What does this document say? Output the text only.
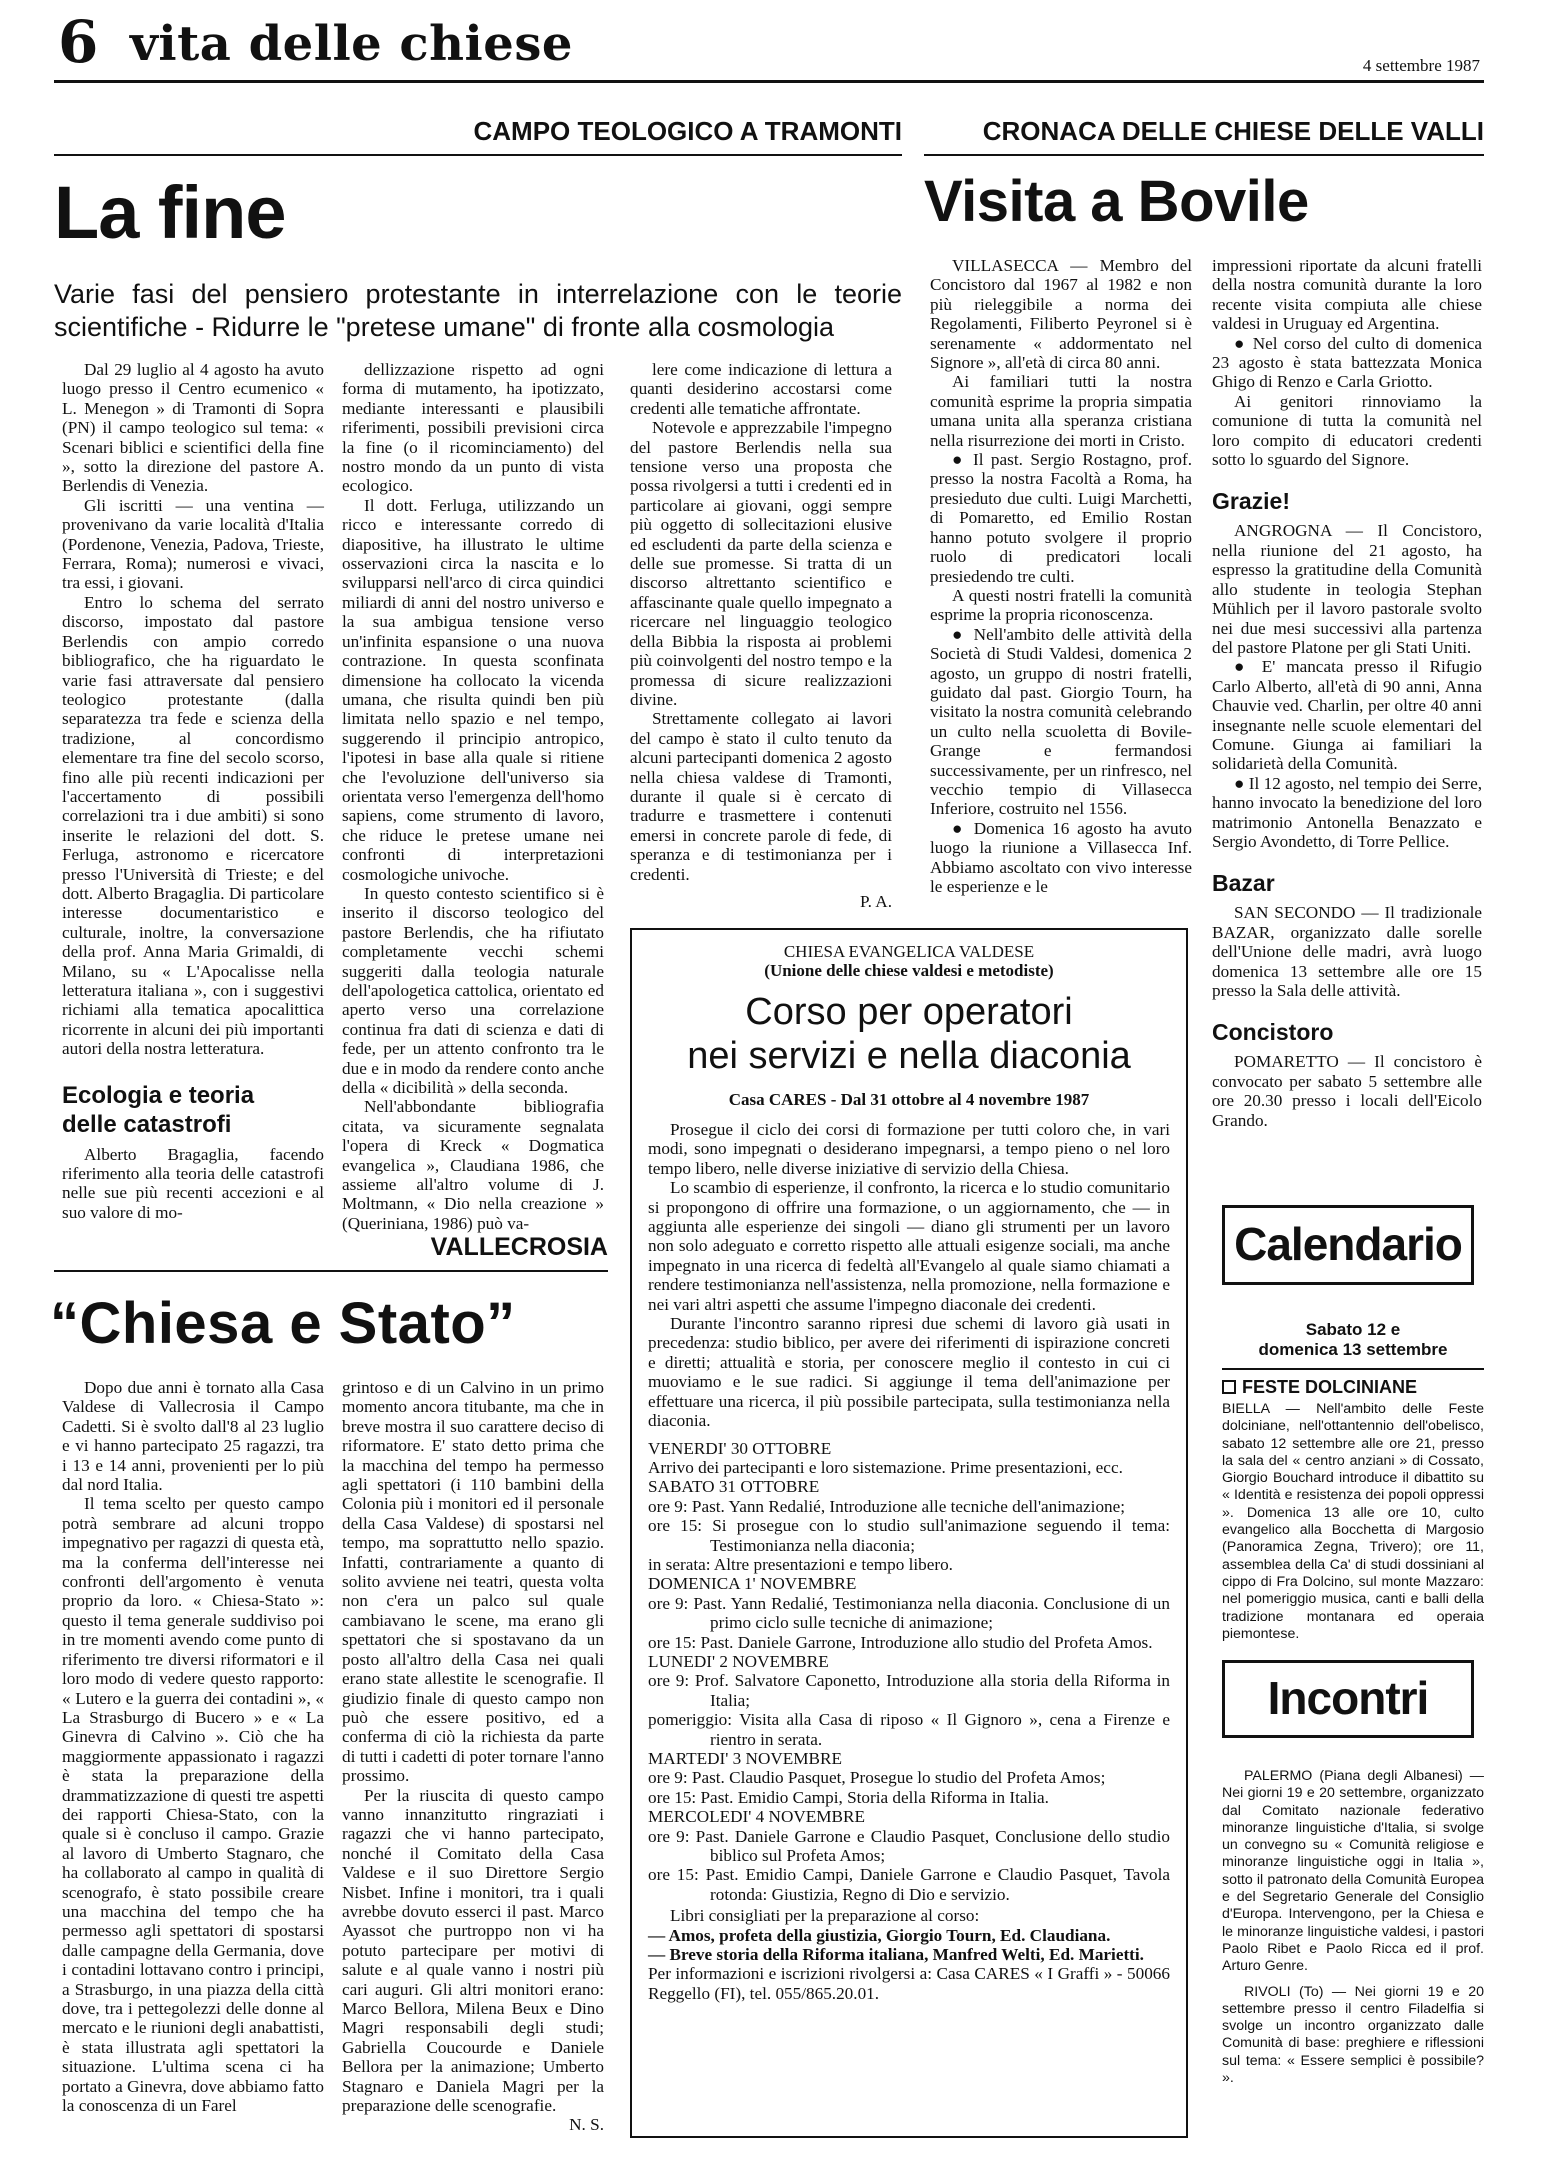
6 vita delle chiese	4 settembre 1987
CAMPO TEOLOGICO A TRAMONTI
La fine
Varie fasi del pensiero protestante in interrelazione con le teorie scientifiche - Ridurre le "pretese umane" di fronte alla cosmologia

Dal 29 luglio al 4 agosto ha avuto luogo presso il Centro ecumenico « L. Menegon » di Tramonti di Sopra (PN) il campo teologico sul tema: « Scenari biblici e scientifici della fine », sotto la direzione del pastore A. Berlendis di Venezia.

Gli iscritti — una ventina — provenivano da varie località d'Italia (Pordenone, Venezia, Padova, Trieste, Ferrara, Roma); numerosi e vivaci, tra essi, i giovani.

Entro lo schema del serrato discorso, impostato dal pastore Berlendis con ampio corredo bibliografico, che ha riguardato le varie fasi attraversate dal pensiero teologico protestante (dalla separatezza tra fede e scienza della tradizione, al concordismo elementare tra fine del secolo scorso, fino alle più recenti indicazioni per l'accertamento di possibili correlazioni tra i due ambiti) si sono inserite le relazioni del dott. S. Ferluga, astronomo e ricercatore presso l'Università di Trieste; e del dott. Alberto Bragaglia. Di particolare interesse documentaristico e culturale, inoltre, la conversazione della prof. Anna Maria Grimaldi, di Milano, su « L'Apocalisse nella letteratura italiana », con i suggestivi richiami alla tematica apocalittica ricorrente in alcuni dei più importanti autori della nostra letteratura.

Ecologia e teoria delle catastrofi

Alberto Bragaglia, facendo riferimento alla teoria delle catastrofi nelle sue più recenti accezioni e al suo valore di mo-

dellizzazione rispetto ad ogni forma di mutamento, ha ipotizzato, mediante interessanti e plausibili riferimenti, possibili previsioni circa la fine (o il ricominciamento) del nostro mondo da un punto di vista ecologico.

Il dott. Ferluga, utilizzando un ricco e interessante corredo di diapositive, ha illustrato le ultime osservazioni circa la nascita e lo svilupparsi nell'arco di circa quindici miliardi di anni del nostro universo e la sua ambigua tensione verso un'infinita espansione o una nuova contrazione. In questa sconfinata dimensione ha collocato la vicenda umana, che risulta quindi ben più limitata nello spazio e nel tempo, suggerendo il principio antropico, l'ipotesi in base alla quale si ritiene che l'evoluzione dell'universo sia orientata verso l'emergenza dell'homo sapiens, come strumento di lavoro, che riduce le pretese umane nei confronti di interpretazioni cosmologiche univoche.

In questo contesto scientifico si è inserito il discorso teologico del pastore Berlendis, che ha rifiutato completamente vecchi schemi suggeriti dalla teologia naturale dell'apologetica cattolica, orientato ed aperto verso una correlazione continua fra dati di scienza e dati di fede, per un attento confronto tra le due e in modo da rendere conto anche della « dicibilità » della seconda.

Nell'abbondante bibliografia citata, va sicuramente segnalata l'opera di Kreck « Dogmatica evangelica », Claudiana 1986, che assieme all'altro volume di J. Moltmann, « Dio nella creazione » (Queriniana, 1986) può va-

lere come indicazione di lettura a quanti desiderino accostarsi come credenti alle tematiche affrontate.

Notevole e apprezzabile l'impegno del pastore Berlendis nella sua tensione verso una proposta che possa rivolgersi a tutti i credenti ed in particolare ai giovani, oggi sempre più oggetto di sollecitazioni elusive ed escludenti da parte della scienza e delle sue promesse. Si tratta di un discorso altrettanto scientifico e affascinante quale quello impegnato a ricercare nel linguaggio teologico della Bibbia la risposta ai problemi più coinvolgenti del nostro tempo e la promessa di sicure realizzazioni divine.

Strettamente collegato ai lavori del campo è stato il culto tenuto da alcuni partecipanti domenica 2 agosto nella chiesa valdese di Tramonti, durante il quale si è cercato di tradurre e trasmettere i contenuti emersi in concrete parole di fede, di speranza e di testimonianza per i credenti.

P. A.

CRONACA DELLE CHIESE DELLE VALLI
Visita a Bovile

VILLASECCA — Membro del Concistoro dal 1967 al 1982 e non più rieleggibile a norma dei Regolamenti, Filiberto Peyronel si è serenamente « addormentato nel Signore », all'età di circa 80 anni.

Ai familiari tutti la nostra comunità esprime la propria simpatia umana unita alla speranza cristiana nella risurrezione dei morti in Cristo.

● Il past. Sergio Rostagno, prof. presso la nostra Facoltà a Roma, ha presieduto due culti. Luigi Marchetti, di Pomaretto, ed Emilio Rostan hanno potuto svolgere il proprio ruolo di predicatori locali presiedendo tre culti.

A questi nostri fratelli la comunità esprime la propria riconoscenza.

● Nell'ambito delle attività della Società di Studi Valdesi, domenica 2 agosto, un gruppo di nostri fratelli, guidato dal past. Giorgio Tourn, ha visitato la nostra comunità celebrando un culto nella scuoletta di Bovile-Grange e fermandosi successivamente, per un rinfresco, nel vecchio tempio di Villasecca Inferiore, costruito nel 1556.

● Domenica 16 agosto ha avuto luogo la riunione a Villasecca Inf. Abbiamo ascoltato con vivo interesse le esperienze e le

impressioni riportate da alcuni fratelli della nostra comunità durante la loro recente visita compiuta alle chiese valdesi in Uruguay ed Argentina.

● Nel corso del culto di domenica 23 agosto è stata battezzata Monica Ghigo di Renzo e Carla Griotto.

Ai genitori rinnoviamo la comunione di tutta la comunità nel loro compito di educatori credenti sotto lo sguardo del Signore.

Grazie!

ANGROGNA — Il Concistoro, nella riunione del 21 agosto, ha espresso la gratitudine della Comunità allo studente in teologia Stephan Mühlich per il lavoro pastorale svolto nei due mesi successivi alla partenza del pastore Platone per gli Stati Uniti.

● E' mancata presso il Rifugio Carlo Alberto, all'età di 90 anni, Anna Chauvie ved. Charlin, per oltre 40 anni insegnante nelle scuole elementari del Comune. Giunga ai familiari la solidarietà della Comunità.

● Il 12 agosto, nel tempio dei Serre, hanno invocato la benedizione del loro matrimonio Antonella Benazzato e Sergio Avondetto, di Torre Pellice.

Bazar

SAN SECONDO — Il tradizionale BAZAR, organizzato dalle sorelle dell'Unione delle madri, avrà luogo domenica 13 settembre alle ore 15 presso la Sala delle attività.

Concistoro

POMARETTO — Il concistoro è convocato per sabato 5 settembre alle ore 20.30 presso i locali dell'Eicolo Grando.

Calendario
Sabato 12 e
domenica 13 settembre
FESTE DOLCINIANE

BIELLA — Nell'ambito delle Feste dolciniane, nell'ottantennio dell'obelisco, sabato 12 settembre alle ore 21, presso la sala del « centro anziani » di Cossato, Giorgio Bouchard introduce il dibattito su « Identità e resistenza dei popoli oppressi ». Domenica 13 alle ore 10, culto evangelico alla Bocchetta di Margosio (Panoramica Zegna, Trivero); ore 11, assemblea della Ca' di studi dossiniani al cippo di Fra Dolcino, sul monte Mazzaro: nel pomeriggio musica, canti e balli della tradizione montanara ed operaia piemontese.

Incontri

PALERMO (Piana degli Albanesi) — Nei giorni 19 e 20 settembre, organizzato dal Comitato nazionale federativo minoranze linguistiche d'Italia, si svolge un convegno su « Comunità religiose e minoranze linguistiche oggi in Italia », sotto il patronato della Comunità Europea e del Segretario Generale del Consiglio d'Europa. Intervengono, per la Chiesa e le minoranze linguistiche valdesi, i pastori Paolo Ribet e Paolo Ricca ed il prof. Arturo Genre.

RIVOLI (To) — Nei giorni 19 e 20 settembre presso il centro Filadelfia si svolge un incontro organizzato dalle Comunità di base: preghiere e riflessioni sul tema: « Essere semplici è possibile? ».

VALLECROSIA
“Chiesa e Stato”

Dopo due anni è tornato alla Casa Valdese di Vallecrosia il Campo Cadetti. Si è svolto dall'8 al 23 luglio e vi hanno partecipato 25 ragazzi, tra i 13 e 14 anni, provenienti per lo più dal nord Italia.

Il tema scelto per questo campo potrà sembrare ad alcuni troppo impegnativo per ragazzi di questa età, ma la conferma dell'interesse nei confronti dell'argomento è venuta proprio da loro. « Chiesa-Stato »: questo il tema generale suddiviso poi in tre momenti avendo come punto di riferimento tre diversi riformatori e il loro modo di vedere questo rapporto: « Lutero e la guerra dei contadini », « La Strasburgo di Bucero » e « La Ginevra di Calvino ». Ciò che ha maggiormente appassionato i ragazzi è stata la preparazione della drammatizzazione di questi tre aspetti dei rapporti Chiesa-Stato, con la quale si è concluso il campo. Grazie al lavoro di Umberto Stagnaro, che ha collaborato al campo in qualità di scenografo, è stato possibile creare una macchina del tempo che ha permesso agli spettatori di spostarsi dalle campagne della Germania, dove i contadini lottavano contro i principi, a Strasburgo, in una piazza della città dove, tra i pettegolezzi delle donne al mercato e le riunioni degli anabattisti, è stata illustrata agli spettatori la situazione. L'ultima scena ci ha portato a Ginevra, dove abbiamo fatto la conoscenza di un Farel

grintoso e di un Calvino in un primo momento ancora titubante, ma che in breve mostra il suo carattere deciso di riformatore. E' stato detto prima che la macchina del tempo ha permesso agli spettatori (i 110 bambini della Colonia più i monitori ed il personale della Casa Valdese) di spostarsi nel tempo, ma soprattutto nello spazio. Infatti, contrariamente a quanto di solito avviene nei teatri, questa volta non c'era un palco sul quale cambiavano le scene, ma erano gli spettatori che si spostavano da un posto all'altro della Casa nei quali erano state allestite le scenografie. Il giudizio finale di questo campo non può che essere positivo, ed a conferma di ciò la richiesta da parte di tutti i cadetti di poter tornare l'anno prossimo.

Per la riuscita di questo campo vanno innanzitutto ringraziati i ragazzi che vi hanno partecipato, nonché il Comitato della Casa Valdese e il suo Direttore Sergio Nisbet. Infine i monitori, tra i quali avrebbe dovuto esserci il past. Marco Ayassot che purtroppo non vi ha potuto partecipare per motivi di salute e al quale vanno i nostri più cari auguri. Gli altri monitori erano: Marco Bellora, Milena Beux e Dino Magri responsabili degli studi; Gabriella Coucourde e Daniele Bellora per la animazione; Umberto Stagnaro e Daniela Magri per la preparazione delle scenografie.

N. S.

CHIESA EVANGELICA VALDESE
(Unione delle chiese valdesi e metodiste)
Corso per operatori
nei servizi e nella diaconia
Casa CARES - Dal 31 ottobre al 4 novembre 1987

Prosegue il ciclo dei corsi di formazione per tutti coloro che, in vari modi, sono impegnati o desiderano impegnarsi, a tempo pieno o nel loro tempo libero, nelle diverse iniziative di servizio della Chiesa.

Lo scambio di esperienze, il confronto, la ricerca e lo studio comunitario si propongono di offrire una formazione, o un aggiornamento, che — in aggiunta alle esperienze dei singoli — diano gli strumenti per un lavoro non solo adeguato e corretto rispetto alle attuali esigenze sociali, ma anche impegnato in una ricerca di fedeltà all'Evangelo al quale siamo chiamati a rendere testimonianza nell'assistenza, nella promozione, nella formazione e nei vari altri aspetti che assume l'impegno diaconale dei credenti.

Durante l'incontro saranno ripresi due schemi di lavoro già usati in precedenza: studio biblico, per avere dei riferimenti di ispirazione concreti e diretti; attualità e storia, per conoscere meglio il contesto in cui ci muoviamo e le sue radici. Si aggiunge il tema dell'animazione per effettuare una ricerca, il più possibile partecipata, sulla testimonianza nella diaconia.

VENERDI' 30 OTTOBRE
Arrivo dei partecipanti e loro sistemazione. Prime presentazioni, ecc.
SABATO 31 OTTOBRE
ore 9: Past. Yann Redalié, Introduzione alle tecniche dell'animazione;
ore 15: Si prosegue con lo studio sull'animazione seguendo il tema: Testimonianza nella diaconia;
in serata: Altre presentazioni e tempo libero.
DOMENICA 1' NOVEMBRE
ore 9: Past. Yann Redalié, Testimonianza nella diaconia. Conclusione di un primo ciclo sulle tecniche di animazione;
ore 15: Past. Daniele Garrone, Introduzione allo studio del Profeta Amos.
LUNEDI' 2 NOVEMBRE
ore 9: Prof. Salvatore Caponetto, Introduzione alla storia della Riforma in Italia;
pomeriggio: Visita alla Casa di riposo « Il Gignoro », cena a Firenze e rientro in serata.
MARTEDI' 3 NOVEMBRE
ore 9: Past. Claudio Pasquet, Prosegue lo studio del Profeta Amos;
ore 15: Past. Emidio Campi, Storia della Riforma in Italia.
MERCOLEDI' 4 NOVEMBRE
ore 9: Past. Daniele Garrone e Claudio Pasquet, Conclusione dello studio biblico sul Profeta Amos;
ore 15: Past. Emidio Campi, Daniele Garrone e Claudio Pasquet, Tavola rotonda: Giustizia, Regno di Dio e servizio.

Libri consigliati per la preparazione al corso:

— Amos, profeta della giustizia, Giorgio Tourn, Ed. Claudiana.

— Breve storia della Riforma italiana, Manfred Welti, Ed. Marietti.

Per informazioni e iscrizioni rivolgersi a: Casa CARES « I Graffi » - 50066 Reggello (FI), tel. 055/865.20.01.
